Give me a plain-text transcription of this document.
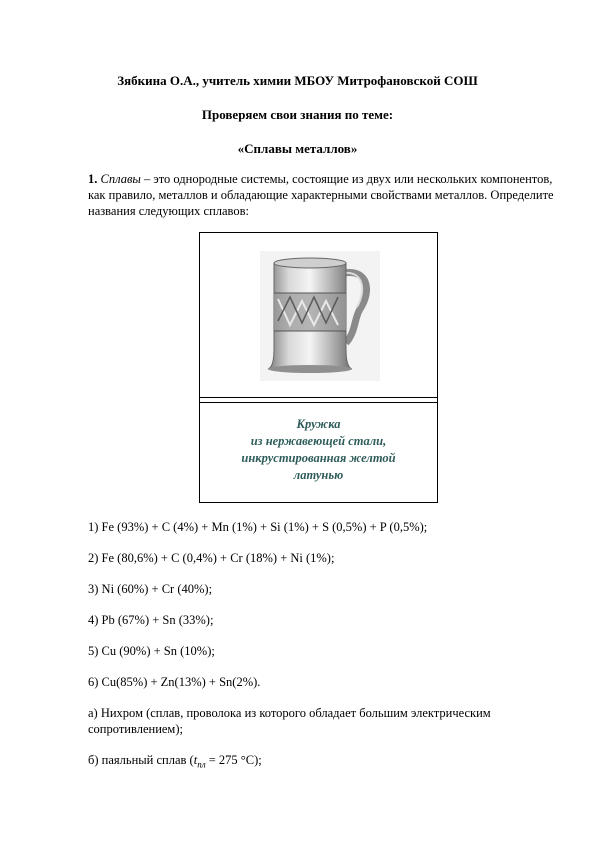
Зябкина О.А., учитель химии МБОУ Митрофановской СОШ
Проверяем свои знания по теме:
«Сплавы металлов»
1. Сплавы – это однородные системы, состоящие из двух или нескольких компонентов, как правило, металлов и обладающие характерными свойствами металлов. Определите названия следующих сплавов:
Кружка
из нержавеющей стали,
инкрустированная желтой
латунью
1) Fe (93%) + C (4%) + Mn (1%) + Si (1%) + S (0,5%) + P (0,5%);
2) Fe (80,6%) + C (0,4%) + Cr (18%) + Ni (1%);
3) Ni (60%) + Cr (40%);
4) Pb (67%) + Sn (33%);
5) Cu (90%) + Sn (10%);
6) Cu(85%) + Zn(13%) + Sn(2%).
а) Нихром (сплав, проволока из которого обладает большим электрическим сопротивлением);
б) паяльный сплав ($t_{пл} = 275$ °C);
